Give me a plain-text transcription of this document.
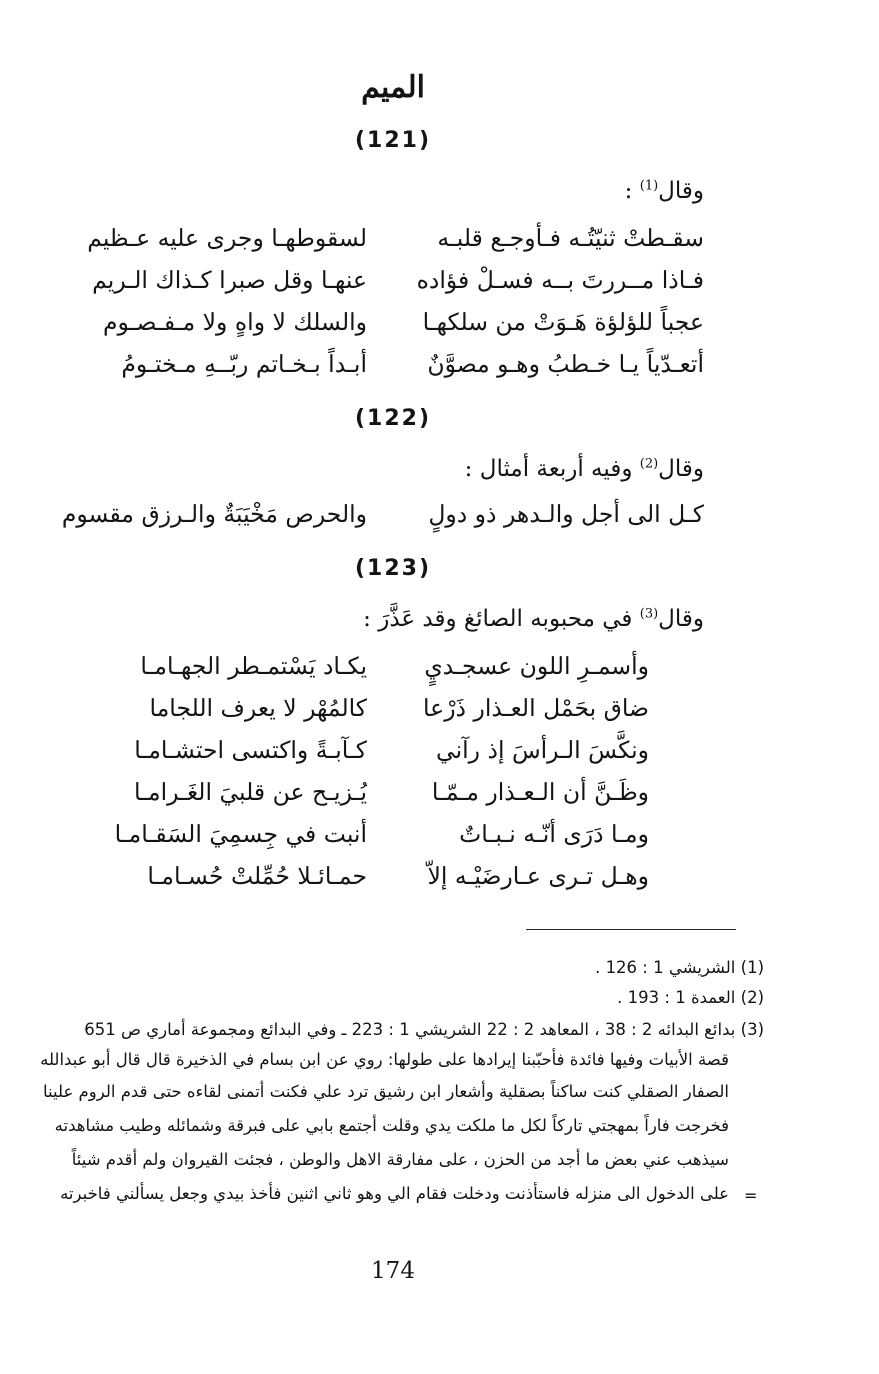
الميم
(121)
وقال$^{(1)}$ :
سقـطتْ ثنيّتُـه فـأوجـع قلبـه
لسقوطهـا وجرى عليه عـظيم
فـاذا مــررتَ بــه فسـلْ فؤاده
عنهـا وقل صبرا كـذاك الـريم
عجباً للؤلؤة هَـوَتْ من سلكهـا
والسلك لا واهٍ ولا مـفـصـوم
أتعـدّياً يـا خـطبُ وهـو مصوَّنٌ
أبـداً بـخـاتم ربّــهِ مـختـومُ
(122)
وقال$^{(2)}$ وفيه أربعة أمثال :
كـل الى أجل والـدهر ذو دولٍ
والحرص مَخْيَبَةٌ والـرزق مقسوم
(123)
وقال$^{(3)}$ في محبوبه الصائغ وقد عَذَّرَ :
وأسمـرِ اللون عسجـديٍ
يكـاد يَسْتمـطر الجهـامـا
ضاق بحَمْل العـذار ذَرْعا
كالمُهْر لا يعرف اللجاما
ونكَّسَ الـرأسَ إذ رآني
كـآبـةً واكتسى احتشـامـا
وظَـنَّ أن الـعـذار مـمّـا
يُـزيـح عن قلبيَ الغَـرامـا
ومـا دَرَى أنّـه نـبـاتٌ
أنبت في جِسمِيَ السَقـامـا
وهـل تـرى عـارضَيْـه إلاّ
حمـائـلا حُمِّلتْ حُسـامـا
(1) الشريشي 1 : 126 .
(2) العمدة 1 : 193 .
(3) بدائع البدائه 2 : 38 ، المعاهد 2 : 22 الشريشي 1 : 223 ـ وفي البدائع ومجموعة أماري ص 651
قصة الأبيات وفيها فائدة فأحبّبنا إيرادها على طولها: روي عن ابن بسام في الذخيرة قال قال أبو عبدالله
الصفار الصقلي كنت ساكناً بصقلية وأشعار ابن رشيق ترد علي فكنت أتمنى لقاءه حتى قدم الروم علينا
فخرجت فاراً بمهجتي تاركاً لكل ما ملكت يدي وقلت أجتمع بابي على فبرقة وشمائله وطيب مشاهدته
سيذهب عني بعض ما أجد من الحزن ، على مفارقة الاهل والوطن ، فجئت القيروان ولم أقدم شيئاً
على الدخول الى منزله فاستأذنت ودخلت فقام الي وهو ثاني اثنين فأخذ بيدي وجعل يسألني فاخبرته =
174
